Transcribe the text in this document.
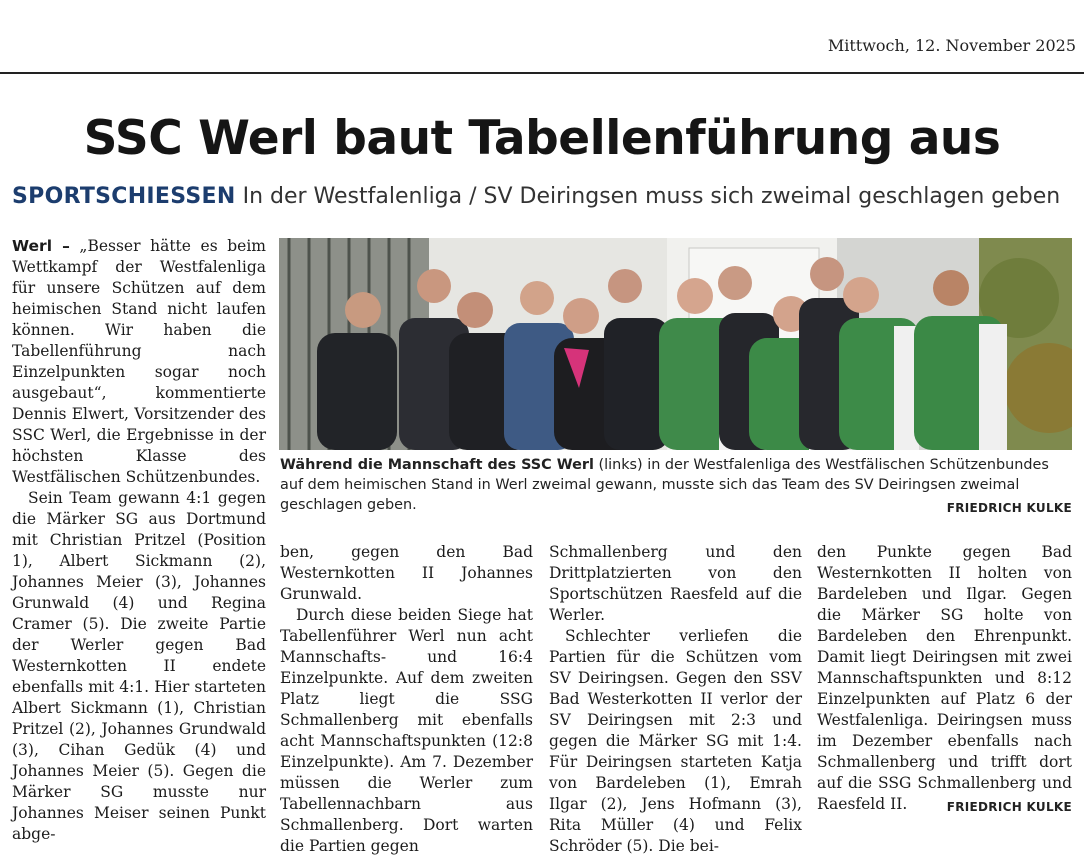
Mittwoch, 12. November 2025
SSC Werl baut Tabellenführung aus
SPORTSCHIESSEN In der Westfalenliga / SV Deiringsen muss sich zweimal geschlagen geben

Werl – „Besser hätte es beim Wettkampf der Westfalenliga für unsere Schützen auf dem heimischen Stand nicht laufen können. Wir haben die Tabellenführung nach Einzelpunkten sogar noch ausgebaut“, kommentierte Dennis Elwert, Vorsitzender des SSC Werl, die Ergebnisse in der höchsten Klasse des Westfälischen Schützenbundes.

Sein Team gewann 4:1 gegen die Märker SG aus Dortmund mit Christian Pritzel (Position 1), Albert Sickmann (2), Johannes Meier (3), Johannes Grunwald (4) und Regina Cramer (5). Die zweite Partie der Werler gegen Bad Westernkotten II endete ebenfalls mit 4:1. Hier starteten Albert Sickmann (1), Christian Pritzel (2), Johannes Grundwald (3), Cihan Gedük (4) und Johannes Meier (5). Gegen die Märker SG musste nur Johannes Meiser seinen Punkt abge-

Während die Mannschaft des SSC Werl (links) in der Westfalenliga des Westfälischen Schützenbundes auf dem heimischen Stand in Werl zweimal gewann, musste sich das Team des SV Deiringsen zweimal geschlagen geben.	FRIEDRICH KULKE

ben, gegen den Bad Westernkotten II Johannes Grunwald.

Durch diese beiden Siege hat Tabellenführer Werl nun acht Mannschafts- und 16:4 Einzelpunkte. Auf dem zweiten Platz liegt die SSG Schmallenberg mit ebenfalls acht Mannschaftspunkten (12:8 Einzelpunkte). Am 7. Dezember müssen die Werler zum Tabellennachbarn aus Schmallenberg. Dort warten die Partien gegen

Schmallenberg und den Drittplatzierten von den Sportschützen Raesfeld auf die Werler.

Schlechter verliefen die Partien für die Schützen vom SV Deiringsen. Gegen den SSV Bad Westerkotten II verlor der SV Deiringsen mit 2:3 und gegen die Märker SG mit 1:4. Für Deiringsen starteten Katja von Bardeleben (1), Emrah Ilgar (2), Jens Hofmann (3), Rita Müller (4) und Felix Schröder (5). Die bei-

den Punkte gegen Bad Westernkotten II holten von Bardeleben und Ilgar. Gegen die Märker SG holte von Bardeleben den Ehrenpunkt. Damit liegt Deiringsen mit zwei Mannschaftspunkten und 8:12 Einzelpunkten auf Platz 6 der Westfalenliga. Deiringsen muss im Dezember ebenfalls nach Schmallenberg und trifft dort auf die SSG Schmallenberg und Raesfeld II.	FRIEDRICH KULKE
